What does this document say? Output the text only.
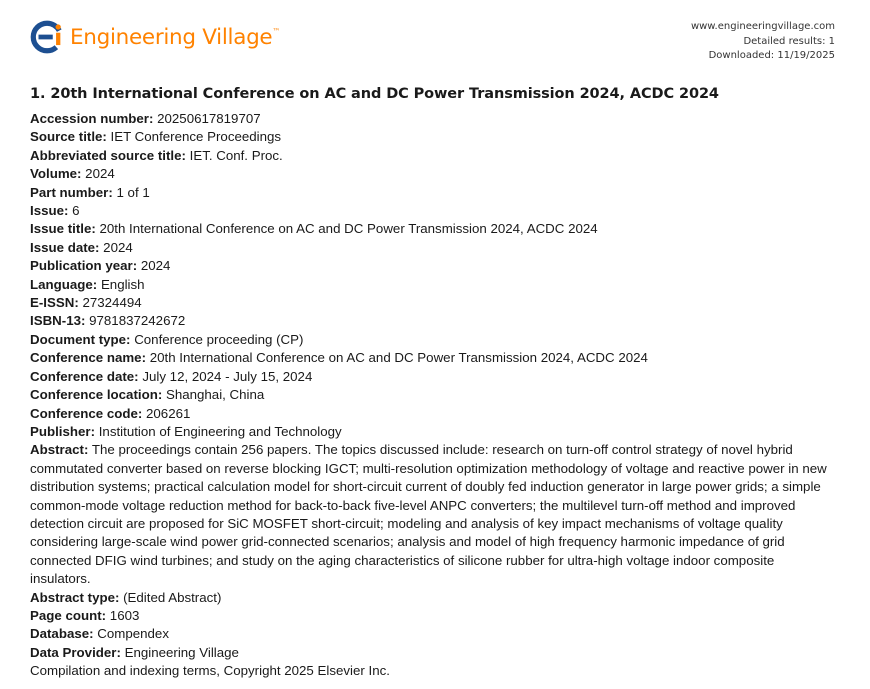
Engineering Village™	www.engineeringvillage.com
Detailed results: 1
Downloaded: 11/19/2025
1. 20th International Conference on AC and DC Power Transmission 2024, ACDC 2024
Accession number: 20250617819707
Source title: IET Conference Proceedings
Abbreviated source title: IET. Conf. Proc.
Volume: 2024
Part number: 1 of 1
Issue: 6
Issue title: 20th International Conference on AC and DC Power Transmission 2024, ACDC 2024
Issue date: 2024
Publication year: 2024
Language: English
E-ISSN: 27324494
ISBN-13: 9781837242672
Document type: Conference proceeding (CP)
Conference name: 20th International Conference on AC and DC Power Transmission 2024, ACDC 2024
Conference date: July 12, 2024 - July 15, 2024
Conference location: Shanghai, China
Conference code: 206261
Publisher: Institution of Engineering and Technology
Abstract: The proceedings contain 256 papers. The topics discussed include: research on turn-off control strategy of novel hybrid commutated converter based on reverse blocking IGCT; multi-resolution optimization methodology of voltage and reactive power in new distribution systems; practical calculation model for short-circuit current of doubly fed induction generator in large power grids; a simple common-mode voltage reduction method for back-to-back five-level ANPC converters; the multilevel turn-off method and improved detection circuit are proposed for SiC MOSFET short-circuit; modeling and analysis of key impact mechanisms of voltage quality considering large-scale wind power grid-connected scenarios; analysis and model of high frequency harmonic impedance of grid connected DFIG wind turbines; and study on the aging characteristics of silicone rubber for ultra-high voltage indoor composite insulators.
Abstract type: (Edited Abstract)
Page count: 1603
Database: Compendex
Data Provider: Engineering Village
Compilation and indexing terms, Copyright 2025 Elsevier Inc.
